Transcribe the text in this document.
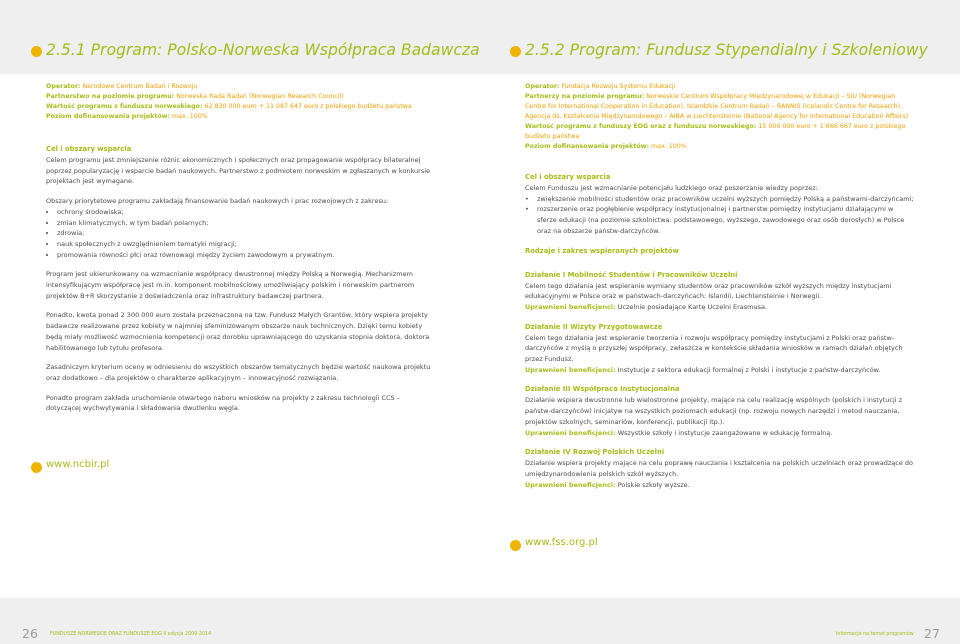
2.5.1 Program: Polsko-Norweska Współpraca Badawcza
Operator: Narodowe Centrum Badań i Rozwoju
Partnerstwo na poziomie programu: Norweska Rada Badań (Norwegian Research Council)
Wartość programu z funduszu norweskiego: 62 830 000 euro + 11 087 647 euro z polskiego budżetu państwa
Poziom dofinansowania projektów: max. 100%
Cel i obszary wsparcia

Celem programu jest zmniejszenie różnic ekonomicznych i społecznych oraz propagowanie współpracy bilateralnej poprzez popularyzację i wsparcie badań naukowych. Partnerstwo z podmiotem norweskim w zgłaszanych w konkursie projektach jest wymagane.

Obszary priorytetowe programu zakładają finansowanie badań naukowych i prac rozwojowych z zakresu:

• ochrony środowiska;
• zmian klimatycznych, w tym badań polarnych;
• zdrowia;
• nauk społecznych z uwzględnieniem tematyki migracji;
• promowania równości płci oraz równowagi między życiem zawodowym a prywatnym.

Program jest ukierunkowany na wzmacnianie współpracy dwustronnej między Polską a Norwegią. Mechanizmem intensyfikującym współpracę jest m.in. komponent mobilnościowy umożliwiający polskim i norweskim partnerom projektów B+R skorzystanie z doświadczenia oraz infrastruktury badawczej partnera.

Ponadto, kwota ponad 2 300 000 euro została przeznaczona na tzw. Fundusz Małych Grantów, który wspiera projekty badawcze realizowane przez kobiety w najmniej sfeminizowanym obszarze nauk technicznych. Dzięki temu kobiety będą miały możliwość wzmocnienia kompetencji oraz dorobku uprawniającego do uzyskania stopnia doktora, doktora habilitowanego lub tytułu profesora.

Zasadniczym kryterium oceny w odniesieniu do wszystkich obszarów tematycznych będzie wartość naukowa projektu oraz dodatkowo – dla projektów o charakterze aplikacyjnym – innowacyjność rozwiązania.

Ponadto program zakłada uruchomienie otwartego naboru wniosków na projekty z zakresu technologii CCS – dotyczącej wychwytywania i składowania dwutlenku węgla.

www.ncbir.pl
2.5.2 Program: Fundusz Stypendialny i Szkoleniowy
Operator: Fundacja Rozwoju Systemu Edukacji
Partnerzy na poziomie programu: Norweskie Centrum Współpracy Międzynarodowej w Edukacji – SIU (Norwegian Centre for International Cooperation in Education), Islandzkie Centrum Badań – RANNIS (Icelandic Centre for Research), Agencja ds. Kształcenia Międzynarodowego – AIBA w Liechtensteinie (National Agency for International Education Affairs)
Wartość programu z funduszy EOG oraz z funduszu norweskiego: 15 000 000 euro + 1 666 667 euro z polskiego budżetu państwa
Poziom dofinansowania projektów: max. 100%
Cel i obszary wsparcia

Celem Funduszu jest wzmacnianie potencjału ludzkiego oraz poszerzanie wiedzy poprzez:

• zwiększenie mobilności studentów oraz pracowników uczelni wyższych pomiędzy Polską a państwami-darczyńcami;
• rozszerzenie oraz pogłębienie współpracy instytucjonalnej i partnerstw pomiędzy instytucjami działającymi w sferze edukacji (na poziomie szkolnictwa: podstawowego, wyższego, zawodowego oraz osób dorosłych) w Polsce oraz na obszarze państw-darczyńców.
Rodzaje i zakres wspieranych projektów
Działanie I Mobilność Studentów i Pracowników Uczelni

Celem tego działania jest wspieranie wymiany studentów oraz pracowników szkół wyższych między instytucjami edukacyjnymi w Polsce oraz w państwach-darczyńcach: Islandii, Liechtensteinie i Norwegii.

Uprawnieni beneficjenci: Uczelnie posiadające Kartę Uczelni Erasmusa.

Działanie II Wizyty Przygotowawcze

Celem tego działania jest wspieranie tworzenia i rozwoju współpracy pomiędzy instytucjami z Polski oraz państw-darczyńców z myślą o przyszłej współpracy, zwłaszcza w kontekście składania wniosków w ramach działań objętych przez Fundusz.

Uprawnieni beneficjenci: Instytucje z sektora edukacji formalnej z Polski i instytucje z państw-darczyńców.

Działanie III Współpraca Instytucjonalna

Działanie wspiera dwustronne lub wielostronne projekty, mające na celu realizację wspólnych (polskich i instytucji z państw-darczyńców) inicjatyw na wszystkich poziomach edukacji (np. rozwoju nowych narzędzi i metod nauczania, projektów szkolnych, seminariów, konferencji, publikacji itp.).

Uprawnieni beneficjenci: Wszystkie szkoły i instytucje zaangażowane w edukację formalną.

Działanie IV Rozwój Polskich Uczelni

Działanie wspiera projekty mające na celu poprawę nauczania i kształcenia na polskich uczelniach oraz prowadzące do umiędzynarodowienia polskich szkół wyższych.

Uprawnieni beneficjenci: Polskie szkoły wyższe.

www.fss.org.pl
26	FUNDUSZE NORWESKIE ORAZ FUNDUSZE EOG II edycja 2009-2014	Informacje na temat programów 27
